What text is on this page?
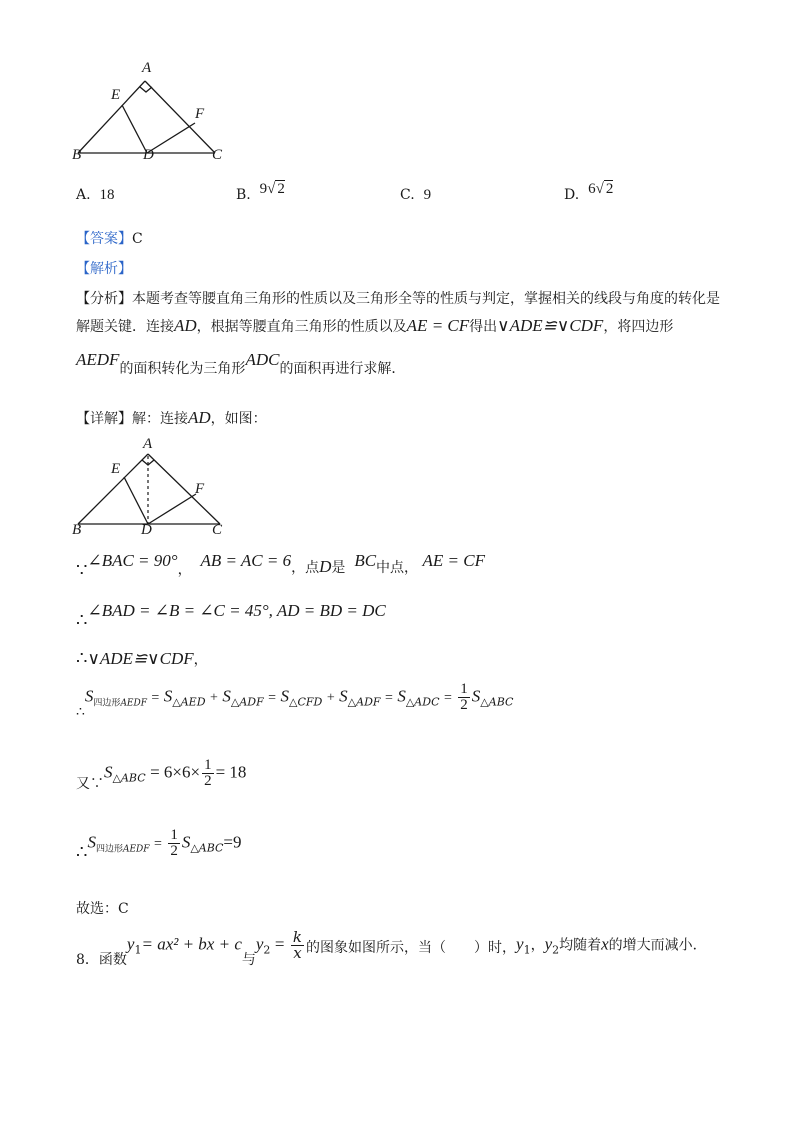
A
E
F
B	D	C
A. 18	B. 9√ 2	C. 9	D. 6√ 2
【答案】C
【解析】
【分析】本题考查等腰直角三角形的性质以及三角形全等的性质与判定，掌握相关的线段与角度的转化是
解题关键．连接AD，根据等腰直角三角形的性质以及AE = CF得出∨ADE≌∨CDF，将四边形
AEDF的面积转化为三角形ADC的面积再进行求解．
【详解】解：连接AD，如图：
A
E
F
B	D	C
∵∠BAC = 90°， AB = AC = 6，点D是 BC中点， AE = CF
∴∠BAD = ∠B = ∠C = 45°, AD = BD = DC
∴∨ADE≌∨CDF，
$\therefore S_{四边形AEDF} = S_{\triangle AED} + S_{\triangle ADF} = S_{\triangle CFD} + S_{\triangle ADF} = S_{\triangle ADC} = \frac{1}{2} S_{\triangle ABC}$
又$\because S_{\triangle ABC} = 6\times 6\times \frac{1}{2} = 18$
$\therefore S_{四边形AEDF} = \frac{1}{2} S_{\triangle ABC}=9$
故选：C
8．函数$y_1= ax^2$ + bx + c与$y_2 = \frac{k}{x}$ 的图象如图所示，当（　　）时，$y_1$，$y_2$均随着x的增大而减小．
